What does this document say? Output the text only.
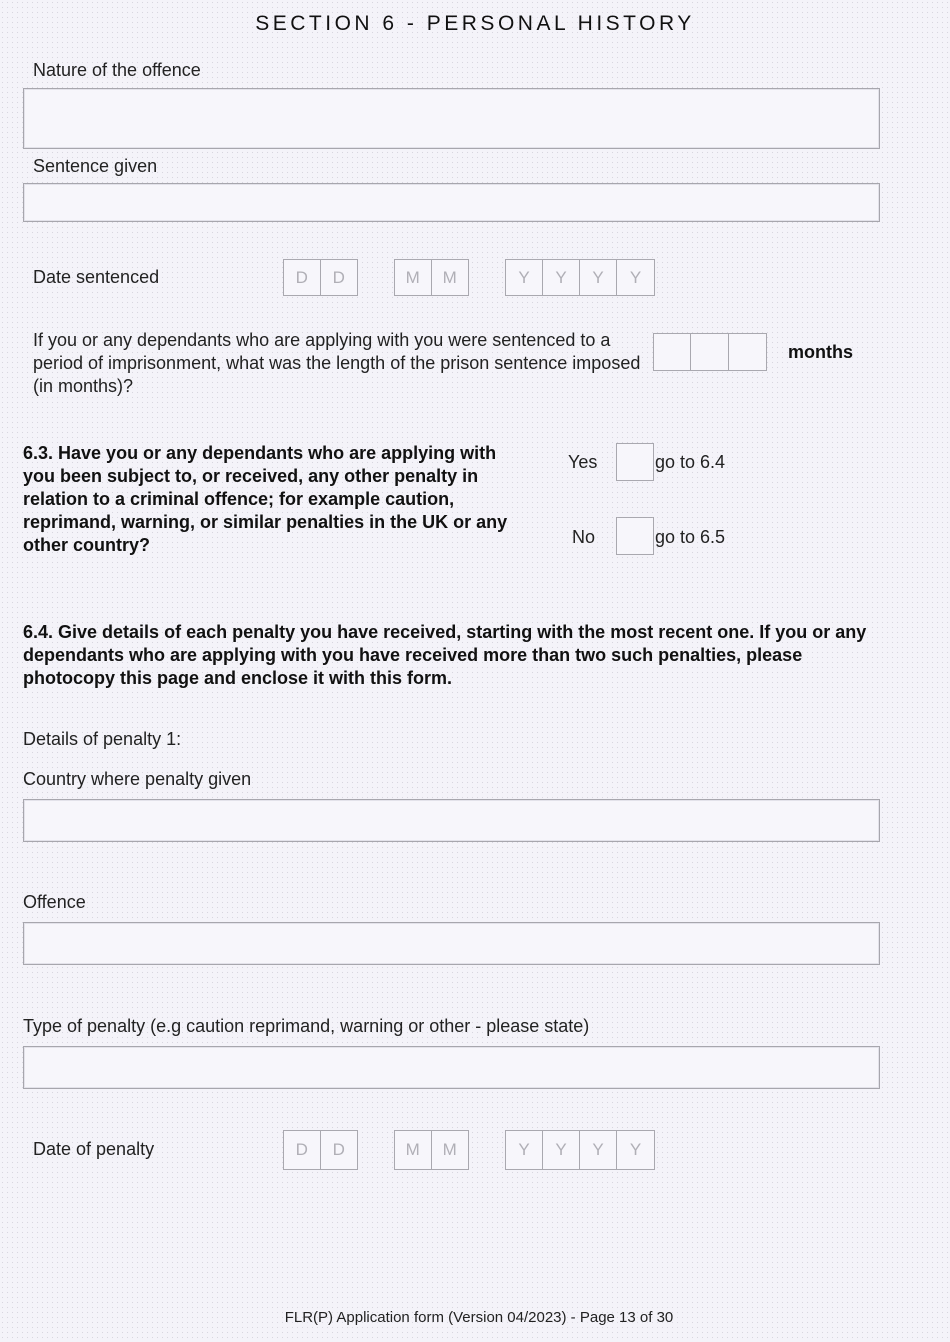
SECTION 6 - PERSONAL HISTORY
Nature of the offence
Sentence given
Date sentenced	D	D	M	M	Y	Y	Y	Y
If you or any dependants who are applying with you were sentenced to a period of imprisonment, what was the length of the prison sentence imposed (in months)?
months
6.3. Have you or any dependants who are applying with you been subject to, or received, any other penalty in relation to a criminal offence; for example caution, reprimand, warning, or similar penalties in the UK or any other country?
Yes	go to 6.4
No	go to 6.5
6.4. Give details of each penalty you have received, starting with the most recent one. If you or any dependants who are applying with you have received more than two such penalties, please photocopy this page and enclose it with this form.
Details of penalty 1:
Country where penalty given
Offence
Type of penalty (e.g caution reprimand, warning or other - please state)
Date of penalty	D	D	M	M	Y	Y	Y	Y
FLR(P) Application form (Version 04/2023) - Page 13 of 30
